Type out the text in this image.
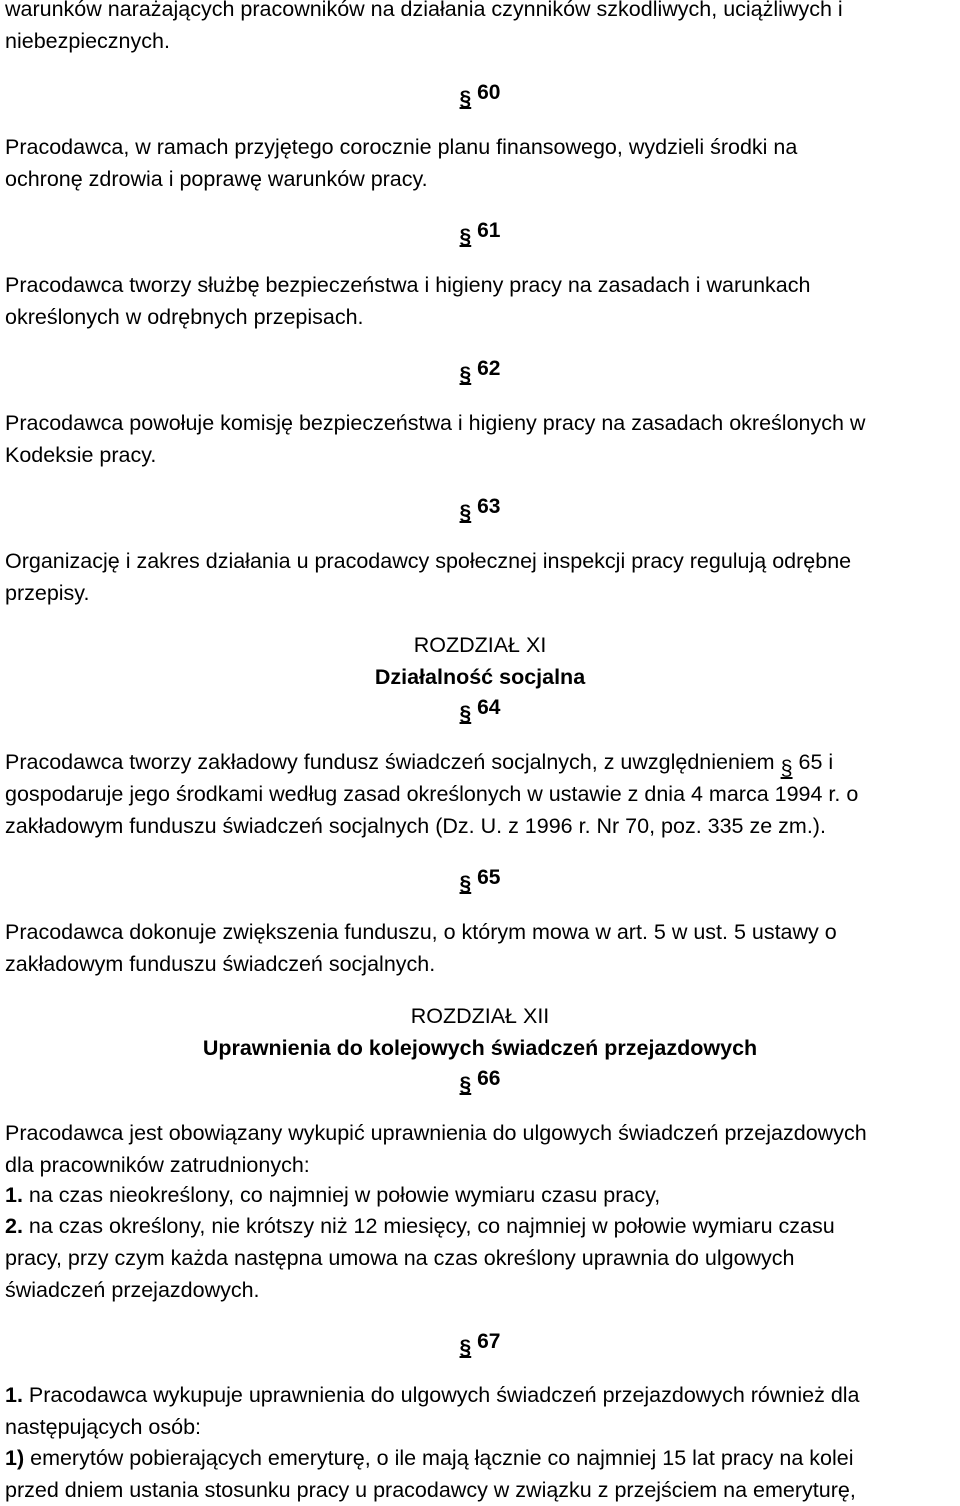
warunków narażających pracowników na działania czynników szkodliwych, uciążliwych i
niebezpiecznych.
§ 60
Pracodawca, w ramach przyjętego corocznie planu finansowego, wydzieli środki na
ochronę zdrowia i poprawę warunków pracy.
§ 61
Pracodawca tworzy służbę bezpieczeństwa i higieny pracy na zasadach i warunkach
określonych w odrębnych przepisach.
§ 62
Pracodawca powołuje komisję bezpieczeństwa i higieny pracy na zasadach określonych w
Kodeksie pracy.
§ 63
Organizację i zakres działania u pracodawcy społecznej inspekcji pracy regulują odrębne
przepisy.
ROZDZIAŁ XI
Działalność socjalna
§ 64
Pracodawca tworzy zakładowy fundusz świadczeń socjalnych, z uwzględnieniem § 65 i
gospodaruje jego środkami według zasad określonych w ustawie z dnia 4 marca 1994 r. o
zakładowym funduszu świadczeń socjalnych (Dz. U. z 1996 r. Nr 70, poz. 335 ze zm.).
§ 65
Pracodawca dokonuje zwiększenia funduszu, o którym mowa w art. 5 w ust. 5 ustawy o
zakładowym funduszu świadczeń socjalnych.
ROZDZIAŁ XII
Uprawnienia do kolejowych świadczeń przejazdowych
§ 66
Pracodawca jest obowiązany wykupić uprawnienia do ulgowych świadczeń przejazdowych
dla pracowników zatrudnionych:
1. na czas nieokreślony, co najmniej w połowie wymiaru czasu pracy,
2. na czas określony, nie krótszy niż 12 miesięcy, co najmniej w połowie wymiaru czasu
pracy, przy czym każda następna umowa na czas określony uprawnia do ulgowych
świadczeń przejazdowych.
§ 67
1. Pracodawca wykupuje uprawnienia do ulgowych świadczeń przejazdowych również dla
następujących osób:
1) emerytów pobierających emeryturę, o ile mają łącznie co najmniej 15 lat pracy na kolei
przed dniem ustania stosunku pracy u pracodawcy w związku z przejściem na emeryturę,
